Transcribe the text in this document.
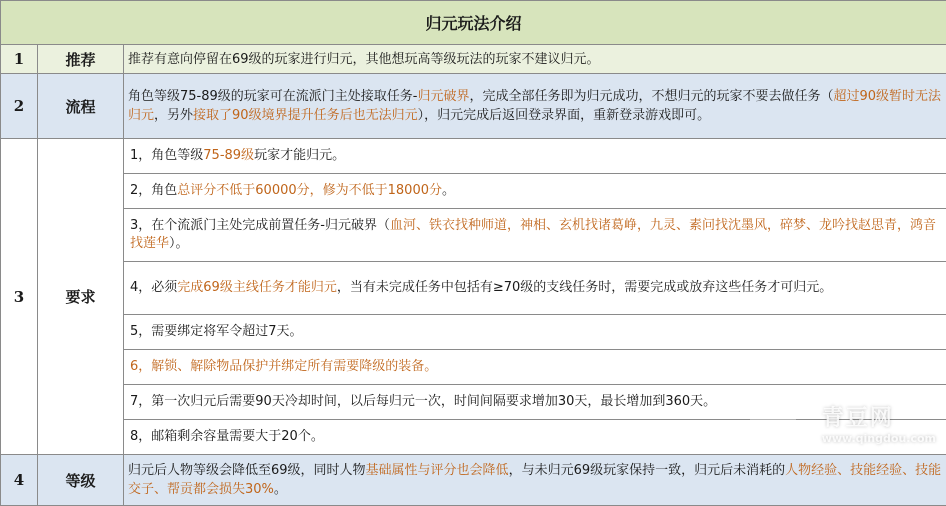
归元玩法介绍		
1	推荐	推荐有意向停留在69级的玩家进行归元，其他想玩高等级玩法的玩家不建议归元。
2	流程	角色等级75-89级的玩家可在流派门主处接取任务-归元破界，完成全部任务即为归元成功，不想归元的玩家不要去做任务（超过90级暂时无法归元，另外接取了90级境界提升任务后也无法归元），归元完成后返回登录界面，重新登录游戏即可。
3	要求	1，角色等级75-89级玩家才能归元。
		2，角色总评分不低于60000分，修为不低于18000分。
		3，在个流派门主处完成前置任务-归元破界（血河、铁衣找种师道，神相、玄机找诸葛峥，九灵、素问找沈墨风，碎梦、龙吟找赵思青，鸿音找莲华）。
		4，必须完成69级主线任务才能归元，当有未完成任务中包括有≥70级的支线任务时，需要完成或放弃这些任务才可归元。
		5，需要绑定将军令超过7天。
		6，解锁、解除物品保护并绑定所有需要降级的装备。
		7，第一次归元后需要90天冷却时间，以后每归元一次，时间间隔要求增加30天，最长增加到360天。
		8，邮箱剩余容量需要大于20个。
4	等级	归元后人物等级会降低至69级，同时人物基础属性与评分也会降低，与未归元69级玩家保持一致，归元后未消耗的人物经验、技能经验、技能交子、帮贡都会损失30%。
青豆网
www.qingdou.com
